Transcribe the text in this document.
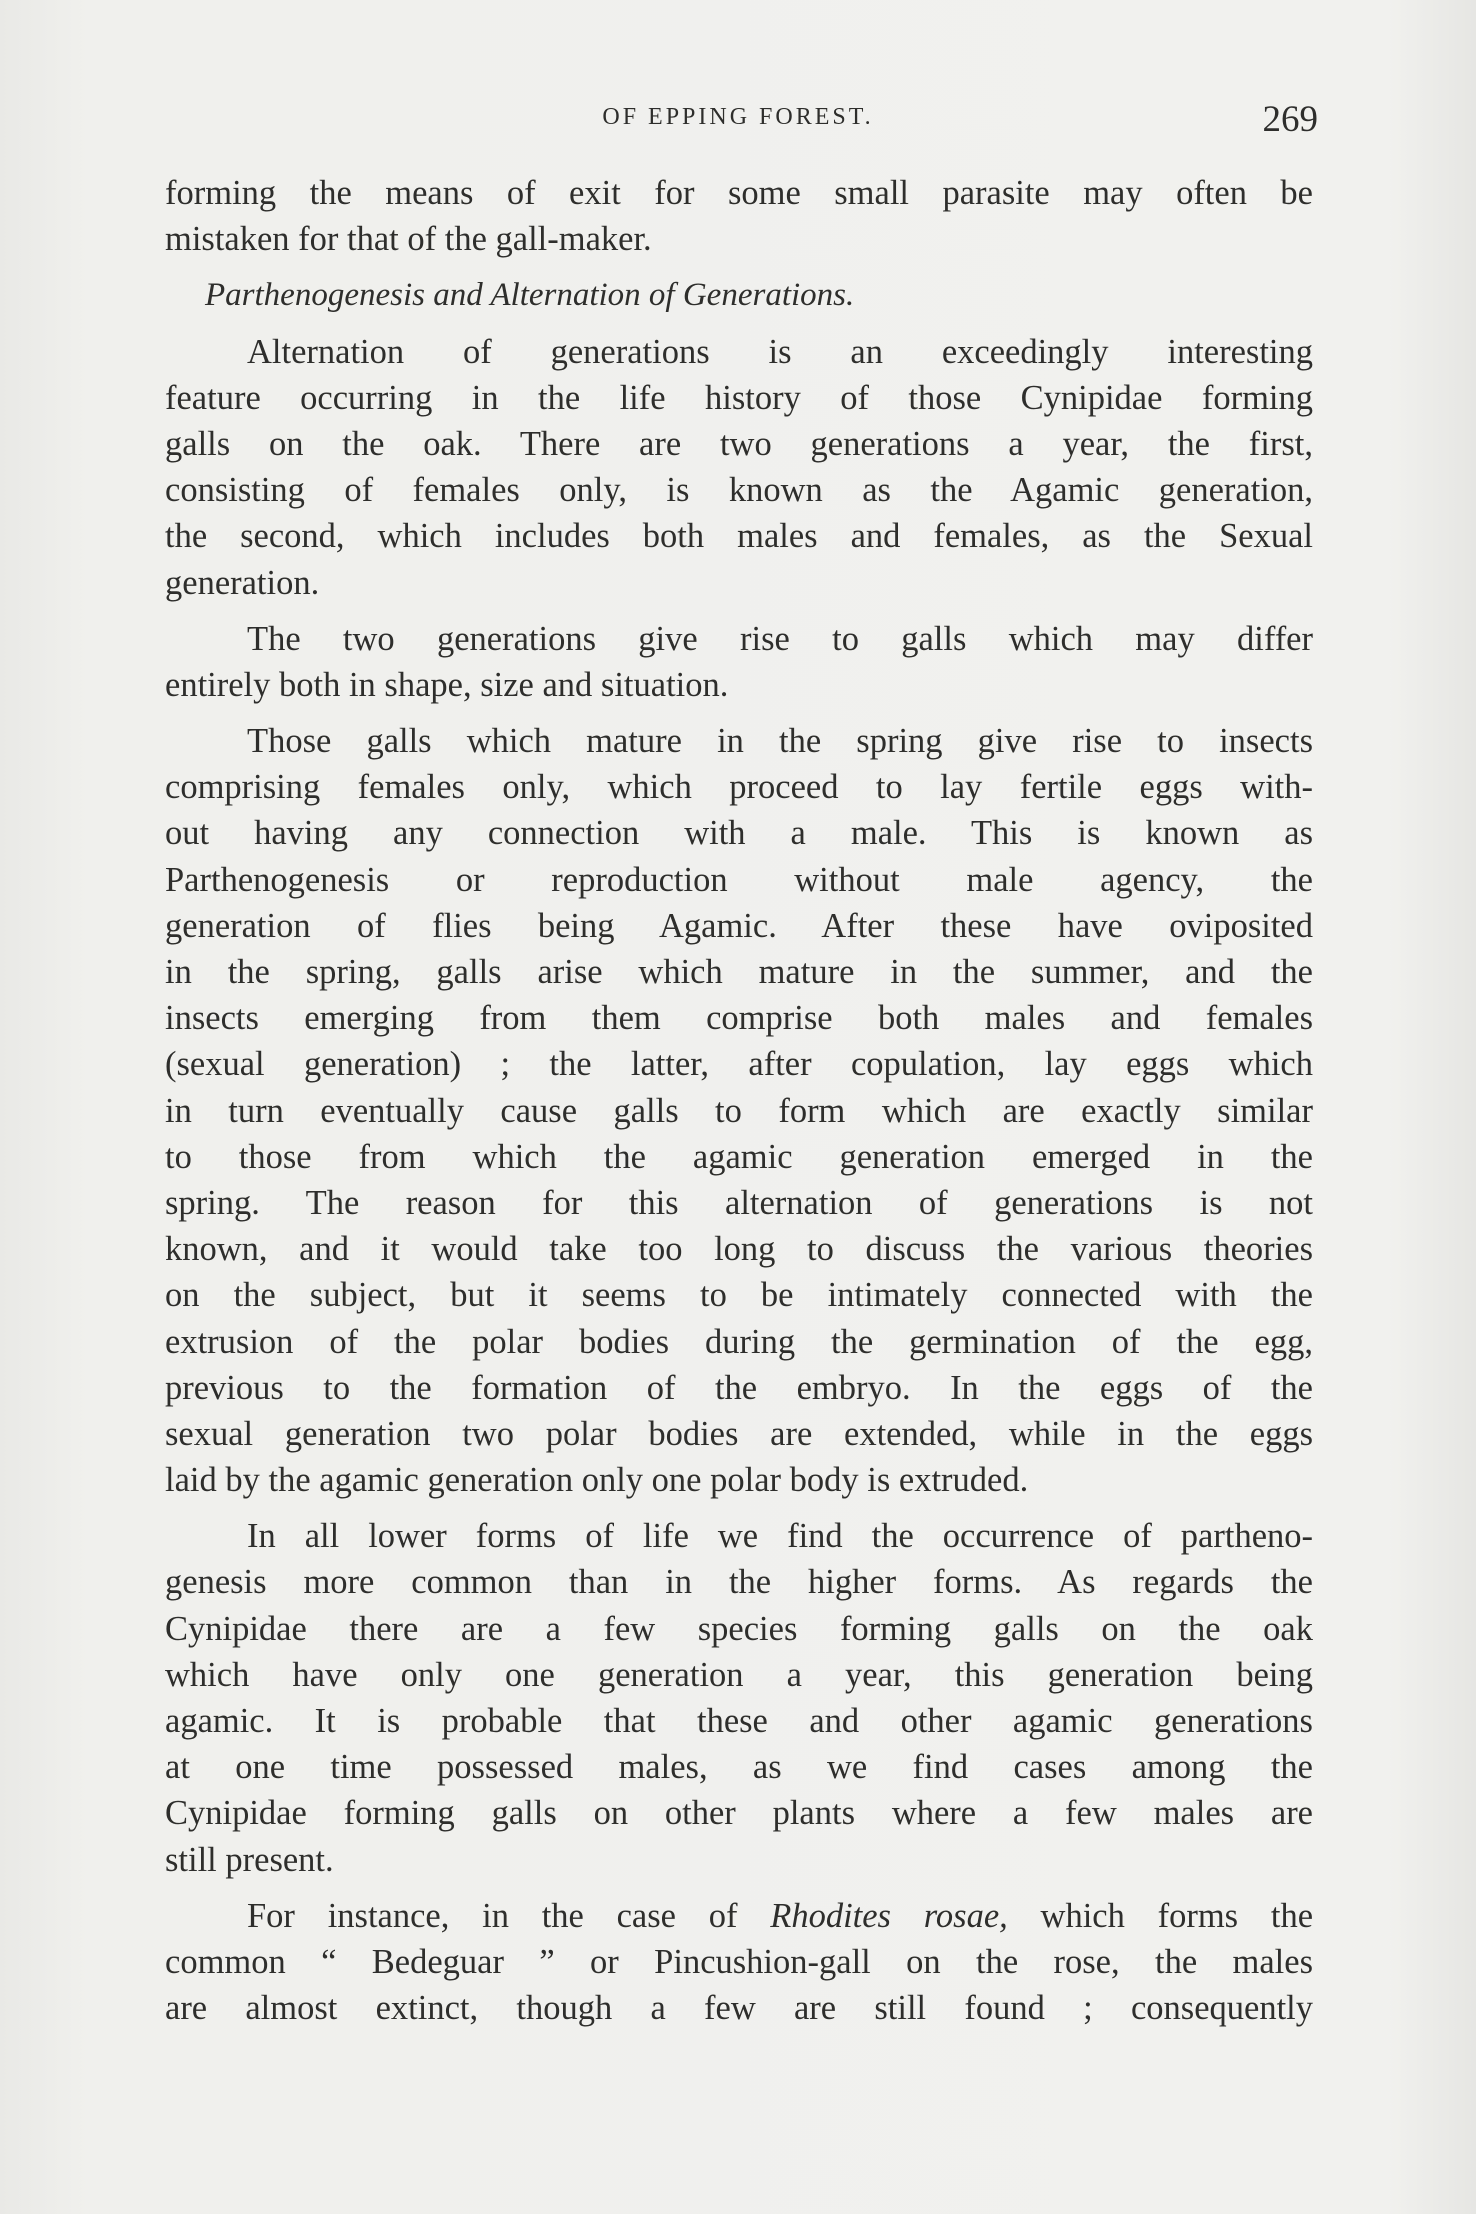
OF EPPING FOREST.	269
forming the means of exit for some small parasite may often be
mistaken for that of the gall-maker.
Parthenogenesis and Alternation of Generations.
Alternation of generations is an exceedingly interesting
feature occurring in the life history of those Cynipidae forming
galls on the oak. There are two generations a year, the first,
consisting of females only, is known as the Agamic generation,
the second, which includes both males and females, as the Sexual
generation.
The two generations give rise to galls which may differ
entirely both in shape, size and situation.
Those galls which mature in the spring give rise to insects
comprising females only, which proceed to lay fertile eggs with-
out having any connection with a male. This is known as
Parthenogenesis or reproduction without male agency, the
generation of flies being Agamic. After these have oviposited
in the spring, galls arise which mature in the summer, and the
insects emerging from them comprise both males and females
(sexual generation) ; the latter, after copulation, lay eggs which
in turn eventually cause galls to form which are exactly similar
to those from which the agamic generation emerged in the
spring. The reason for this alternation of generations is not
known, and it would take too long to discuss the various theories
on the subject, but it seems to be intimately connected with the
extrusion of the polar bodies during the germination of the egg,
previous to the formation of the embryo. In the eggs of the
sexual generation two polar bodies are extended, while in the eggs
laid by the agamic generation only one polar body is extruded.
In all lower forms of life we find the occurrence of partheno-
genesis more common than in the higher forms. As regards the
Cynipidae there are a few species forming galls on the oak
which have only one generation a year, this generation being
agamic. It is probable that these and other agamic generations
at one time possessed males, as we find cases among the
Cynipidae forming galls on other plants where a few males are
still present.
For instance, in the case of Rhodites rosae, which forms the
common “ Bedeguar ” or Pincushion-gall on the rose, the males
are almost extinct, though a few are still found ; consequently
